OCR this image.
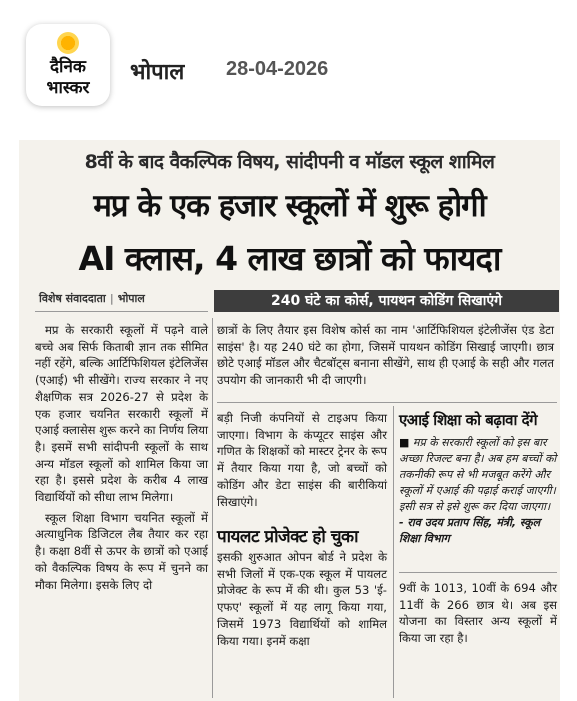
दैनिक
भास्कर
भोपाल 28-04-2026
8वीं के बाद वैकल्पिक विषय, सांदीपनी व मॉडल स्कूल शामिल
मप्र के एक हजार स्कूलों में शुरू होगी
AI क्लास, 4 लाख छात्रों को फायदा
विशेष संवाददाता | भोपाल	240 घंटे का कोर्स, पायथन कोडिंग सिखाएंगे

मप्र के सरकारी स्कूलों में पढ़ने वाले बच्चे अब सिर्फ किताबी ज्ञान तक सीमित नहीं रहेंगे, बल्कि आर्टिफिशियल इंटेलिजेंस (एआई) भी सीखेंगे। राज्य सरकार ने नए शैक्षणिक सत्र 2026-27 से प्रदेश के एक हजार चयनित सरकारी स्कूलों में एआई क्लासेस शुरू करने का निर्णय लिया है। इसमें सभी सांदीपनी स्कूलों के साथ अन्य मॉडल स्कूलों को शामिल किया जा रहा है। इससे प्रदेश के करीब 4 लाख विद्यार्थियों को सीधा लाभ मिलेगा।

स्कूल शिक्षा विभाग चयनित स्कूलों में अत्याधुनिक डिजिटल लैब तैयार कर रहा है। कक्षा 8वीं से ऊपर के छात्रों को एआई को वैकल्पिक विषय के रूप में चुनने का मौका मिलेगा। इसके लिए दो

छात्रों के लिए तैयार इस विशेष कोर्स का नाम 'आर्टिफिशियल इंटेलीजेंस एंड डेटा साइंस' है। यह 240 घंटे का होगा, जिसमें पायथन कोडिंग सिखाई जाएगी। छात्र छोटे एआई मॉडल और चैटबॉट्स बनाना सीखेंगे, साथ ही एआई के सही और गलत उपयोग की जानकारी भी दी जाएगी।

बड़ी निजी कंपनियों से टाइअप किया जाएगा। विभाग के कंप्यूटर साइंस और गणित के शिक्षकों को मास्टर ट्रेनर के रूप में तैयार किया गया है, जो बच्चों को कोडिंग और डेटा साइंस की बारीकियां सिखाएंगे।

पायलट प्रोजेक्ट हो चुका
इसकी शुरुआत ओपन बोर्ड ने प्रदेश के सभी जिलों में एक-एक स्कूल में पायलट प्रोजेक्ट के रूप में की थी। कुल 53 'ई-एफए' स्कूलों में यह लागू किया गया, जिसमें 1973 विद्यार्थियों को शामिल किया गया। इनमें कक्षा
एआई शिक्षा को बढ़ावा देंगे
■ मप्र के सरकारी स्कूलों को इस बार अच्छा रिजल्ट बना है। अब हम बच्चों को तकनीकी रूप से भी मजबूत करेंगे और स्कूलों में एआई की पढ़ाई कराई जाएगी। इसी सत्र से इसे शुरू कर दिया जाएगा।
- राव उदय प्रताप सिंह, मंत्री, स्कूल शिक्षा विभाग

9वीं के 1013, 10वीं के 694 और 11वीं के 266 छात्र थे। अब इस योजना का विस्तार अन्य स्कूलों में किया जा रहा है।
